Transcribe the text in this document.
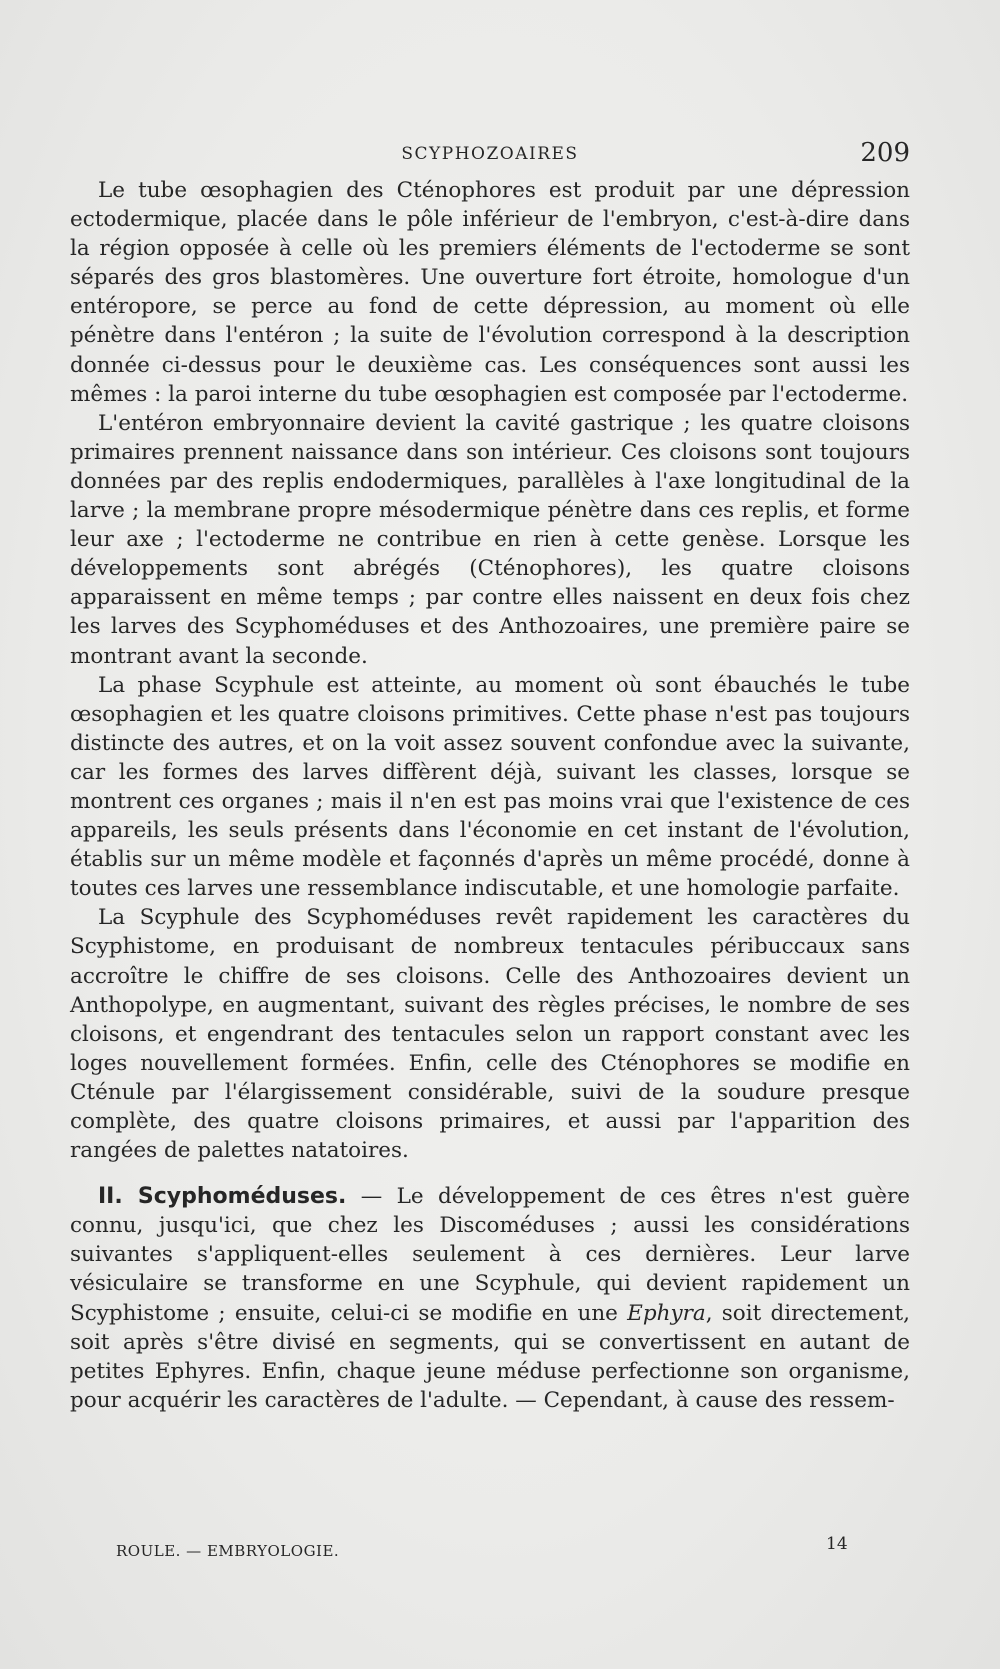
SCYPHOZOAIRES	209

Le tube œsophagien des Cténophores est produit par une dépression ectodermique, placée dans le pôle inférieur de l'embryon, c'est-à-dire dans la région opposée à celle où les premiers éléments de l'ectoderme se sont séparés des gros blastomères. Une ouverture fort étroite, homologue d'un entéropore, se perce au fond de cette dépression, au moment où elle pénètre dans l'entéron ; la suite de l'évolution correspond à la description donnée ci-dessus pour le deuxième cas. Les conséquences sont aussi les mêmes : la paroi interne du tube œsophagien est composée par l'ectoderme.

L'entéron embryonnaire devient la cavité gastrique ; les quatre cloisons primaires prennent naissance dans son intérieur. Ces cloisons sont toujours données par des replis endodermiques, parallèles à l'axe longitudinal de la larve ; la membrane propre mésodermique pénètre dans ces replis, et forme leur axe ; l'ectoderme ne contribue en rien à cette genèse. Lorsque les développements sont abrégés (Cténophores), les quatre cloisons apparaissent en même temps ; par contre elles naissent en deux fois chez les larves des Scyphoméduses et des Anthozoaires, une première paire se montrant avant la seconde.

La phase Scyphule est atteinte, au moment où sont ébauchés le tube œsophagien et les quatre cloisons primitives. Cette phase n'est pas toujours distincte des autres, et on la voit assez souvent confondue avec la suivante, car les formes des larves diffèrent déjà, suivant les classes, lorsque se montrent ces organes ; mais il n'en est pas moins vrai que l'existence de ces appareils, les seuls présents dans l'économie en cet instant de l'évolution, établis sur un même modèle et façonnés d'après un même procédé, donne à toutes ces larves une ressemblance indiscutable, et une homologie parfaite.

La Scyphule des Scyphoméduses revêt rapidement les caractères du Scyphistome, en produisant de nombreux tentacules péribuccaux sans accroître le chiffre de ses cloisons. Celle des Anthozoaires devient un Anthopolype, en augmentant, suivant des règles précises, le nombre de ses cloisons, et engendrant des tentacules selon un rapport constant avec les loges nouvellement formées. Enfin, celle des Cténophores se modifie en Cténule par l'élargissement considérable, suivi de la soudure presque complète, des quatre cloisons primaires, et aussi par l'apparition des rangées de palettes natatoires.

II. Scyphoméduses. — Le développement de ces êtres n'est guère connu, jusqu'ici, que chez les Discoméduses ; aussi les considérations suivantes s'appliquent-elles seulement à ces dernières. Leur larve vésiculaire se transforme en une Scyphule, qui devient rapidement un Scyphistome ; ensuite, celui-ci se modifie en une Ephyra, soit directement, soit après s'être divisé en segments, qui se convertissent en autant de petites Ephyres. Enfin, chaque jeune méduse perfectionne son organisme, pour acquérir les caractères de l'adulte. — Cependant, à cause des ressem-

ROULE. — EMBRYOLOGIE.	14
